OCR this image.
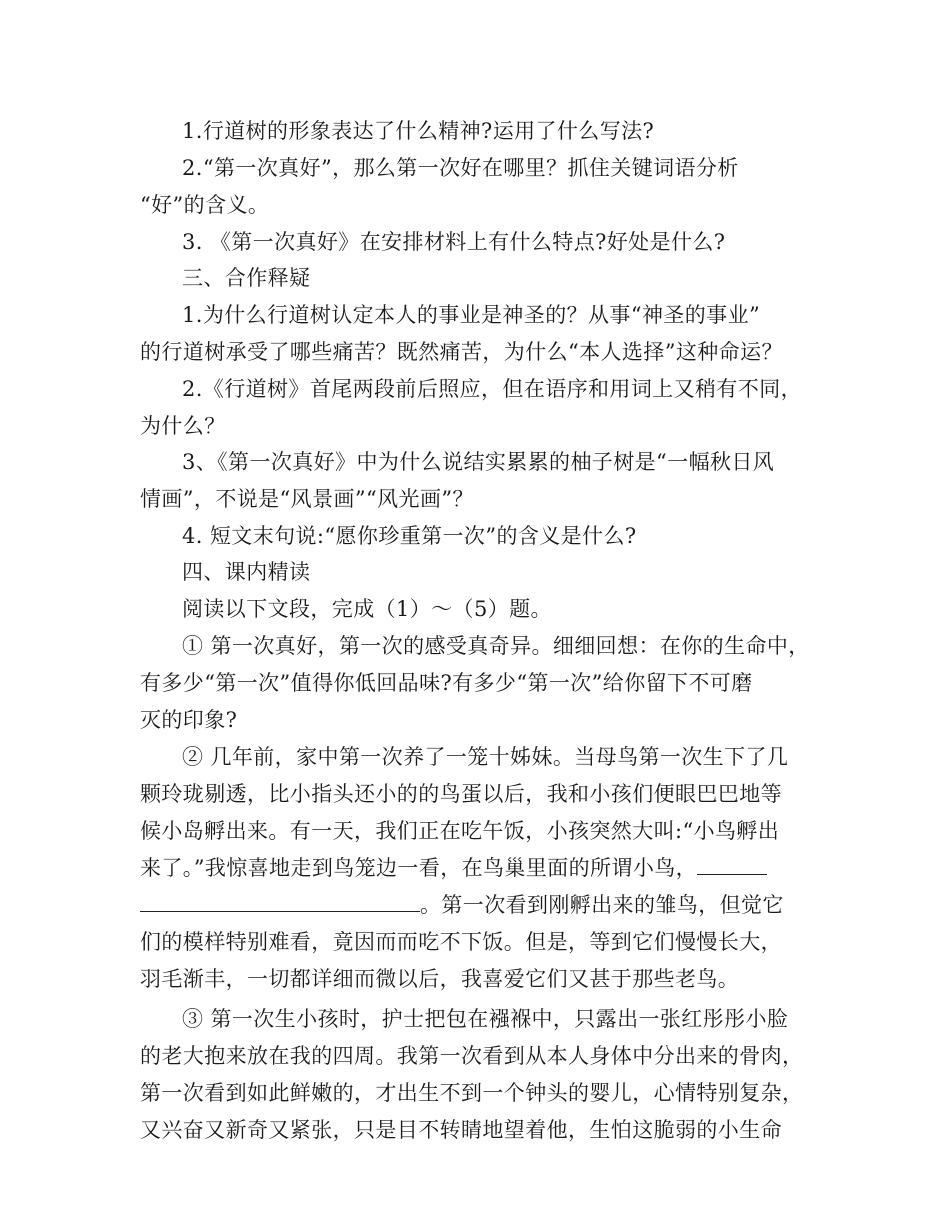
1.行道树的形象表达了什么精神?运用了什么写法?
2.“第一次真好”，那么第一次好在哪里？抓住关键词语分析
“好”的含义。
3. 《第一次真好》在安排材料上有什么特点?好处是什么?
三、合作释疑
1.为什么行道树认定本人的事业是神圣的？从事“神圣的事业”
的行道树承受了哪些痛苦？既然痛苦，为什么“本人选择”这种命运？
2.《行道树》首尾两段前后照应，但在语序和用词上又稍有不同，
为什么？
3、《第一次真好》中为什么说结实累累的柚子树是“一幅秋日风
情画”，不说是“风景画”“风光画”？
4. 短文末句说:“愿你珍重第一次”的含义是什么?
四、课内精读
阅读以下文段，完成（1）～（5）题。
① 第一次真好，第一次的感受真奇异。细细回想：在你的生命中，
有多少“第一次”值得你低回品味?有多少“第一次”给你留下不可磨
灭的印象?
② 几年前，家中第一次养了一笼十姊妹。当母鸟第一次生下了几
颗玲珑剔透，比小指头还小的的鸟蛋以后，我和小孩们便眼巴巴地等
候小岛孵出来。有一天，我们正在吃午饭，小孩突然大叫:“小鸟孵出
来了。”我惊喜地走到鸟笼边一看，在鸟巢里面的所谓小鸟，
。第一次看到刚孵出来的雏鸟，但觉它
们的模样特别难看，竟因而而吃不下饭。但是，等到它们慢慢长大，
羽毛渐丰，一切都详细而微以后，我喜爱它们又甚于那些老鸟。
③ 第一次生小孩时，护士把包在襁褓中，只露出一张红彤彤小脸
的老大抱来放在我的四周。我第一次看到从本人身体中分出来的骨肉，
第一次看到如此鲜嫩的，才出生不到一个钟头的婴儿，心情特别复杂，
又兴奋又新奇又紧张，只是目不转睛地望着他，生怕这脆弱的小生命
